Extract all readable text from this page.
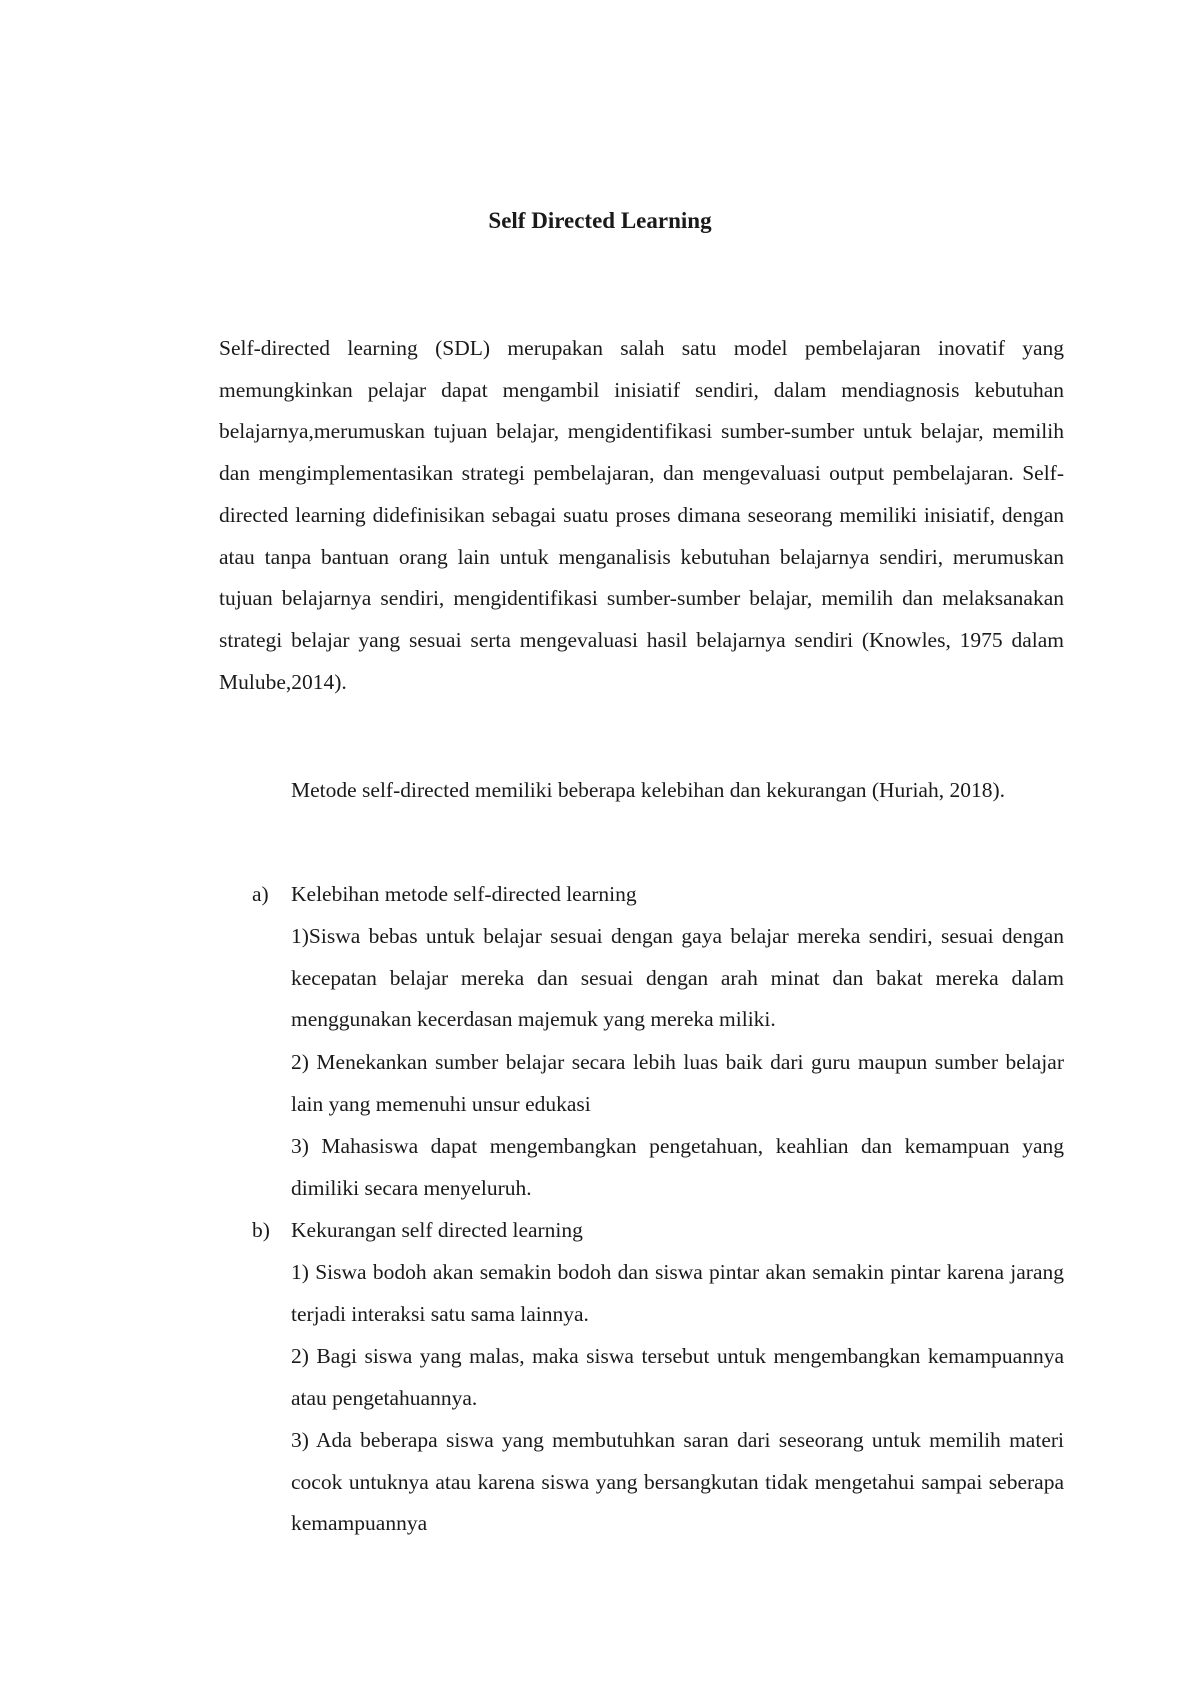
Self Directed Learning
Self-directed learning (SDL) merupakan salah satu model pembelajaran inovatif yang memungkinkan pelajar dapat mengambil inisiatif sendiri, dalam mendiagnosis kebutuhan belajarnya,merumuskan tujuan belajar, mengidentifikasi sumber-sumber untuk belajar, memilih dan mengimplementasikan strategi pembelajaran, dan mengevaluasi output pembelajaran. Self-directed learning didefinisikan sebagai suatu proses dimana seseorang memiliki inisiatif, dengan atau tanpa bantuan orang lain untuk menganalisis kebutuhan belajarnya sendiri, merumuskan tujuan belajarnya sendiri, mengidentifikasi sumber-sumber belajar, memilih dan melaksanakan strategi belajar yang sesuai serta mengevaluasi hasil belajarnya sendiri (Knowles, 1975 dalam Mulube,2014).
Metode self-directed memiliki beberapa kelebihan dan kekurangan (Huriah, 2018).
a) Kelebihan metode self-directed learning
1)Siswa bebas untuk belajar sesuai dengan gaya belajar mereka sendiri, sesuai dengan kecepatan belajar mereka dan sesuai dengan arah minat dan bakat mereka dalam menggunakan kecerdasan majemuk yang mereka miliki.
2) Menekankan sumber belajar secara lebih luas baik dari guru maupun sumber belajar lain yang memenuhi unsur edukasi
3) Mahasiswa dapat mengembangkan pengetahuan, keahlian dan kemampuan yang dimiliki secara menyeluruh.
b) Kekurangan self directed learning
1) Siswa bodoh akan semakin bodoh dan siswa pintar akan semakin pintar karena jarang terjadi interaksi satu sama lainnya.
2) Bagi siswa yang malas, maka siswa tersebut untuk mengembangkan kemampuannya atau pengetahuannya.
3) Ada beberapa siswa yang membutuhkan saran dari seseorang untuk memilih materi cocok untuknya atau karena siswa yang bersangkutan tidak mengetahui sampai seberapa kemampuannya
